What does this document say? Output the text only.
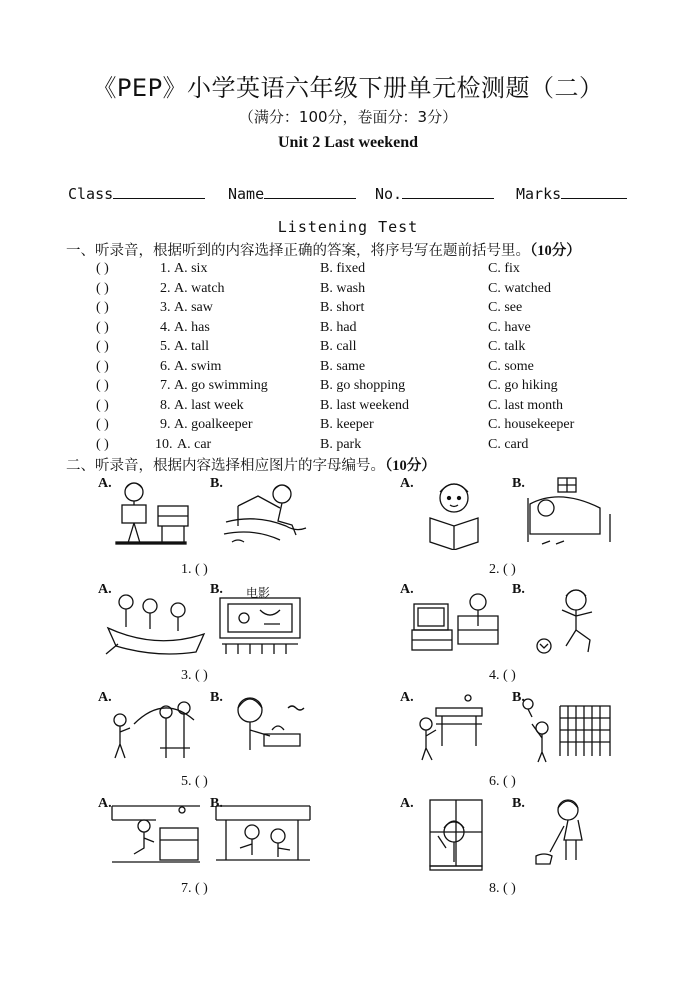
《PEP》小学英语六年级下册单元检测题（二）
（满分：100分，卷面分：3分）
Unit 2 Last weekend
Class	Name	No.	Marks
Listening Test
一、听录音，根据听到的内容选择正确的答案，将序号写在题前括号里。（10分）
( )	1. A. six	B. fixed	C. fix
( )	2. A. watch	B. wash	C. watched
( )	3. A. saw	B. short	C. see
( )	4. A. has	B. had	C. have
( )	5. A. tall	B. call	C. talk
( )	6. A. swim	B. same	C. some
( )	7. A. go swimming	B. go shopping	C. go hiking
( )	8. A. last week	B. last weekend	C. last month
( )	9. A. goalkeeper	B. keeper	C. housekeeper
( )	10. A. car	B. park	C. card
二、听录音，根据内容选择相应图片的字母编号。（10分）
A.	B.	A.	B.
A.	B.	A.	B.
A.	B.	A.	B.
A.	B.	A.	B.
1. ( )	2. ( )
3. ( )	4. ( )
5. ( )	6. ( )
7. ( )	8. ( )
电影
